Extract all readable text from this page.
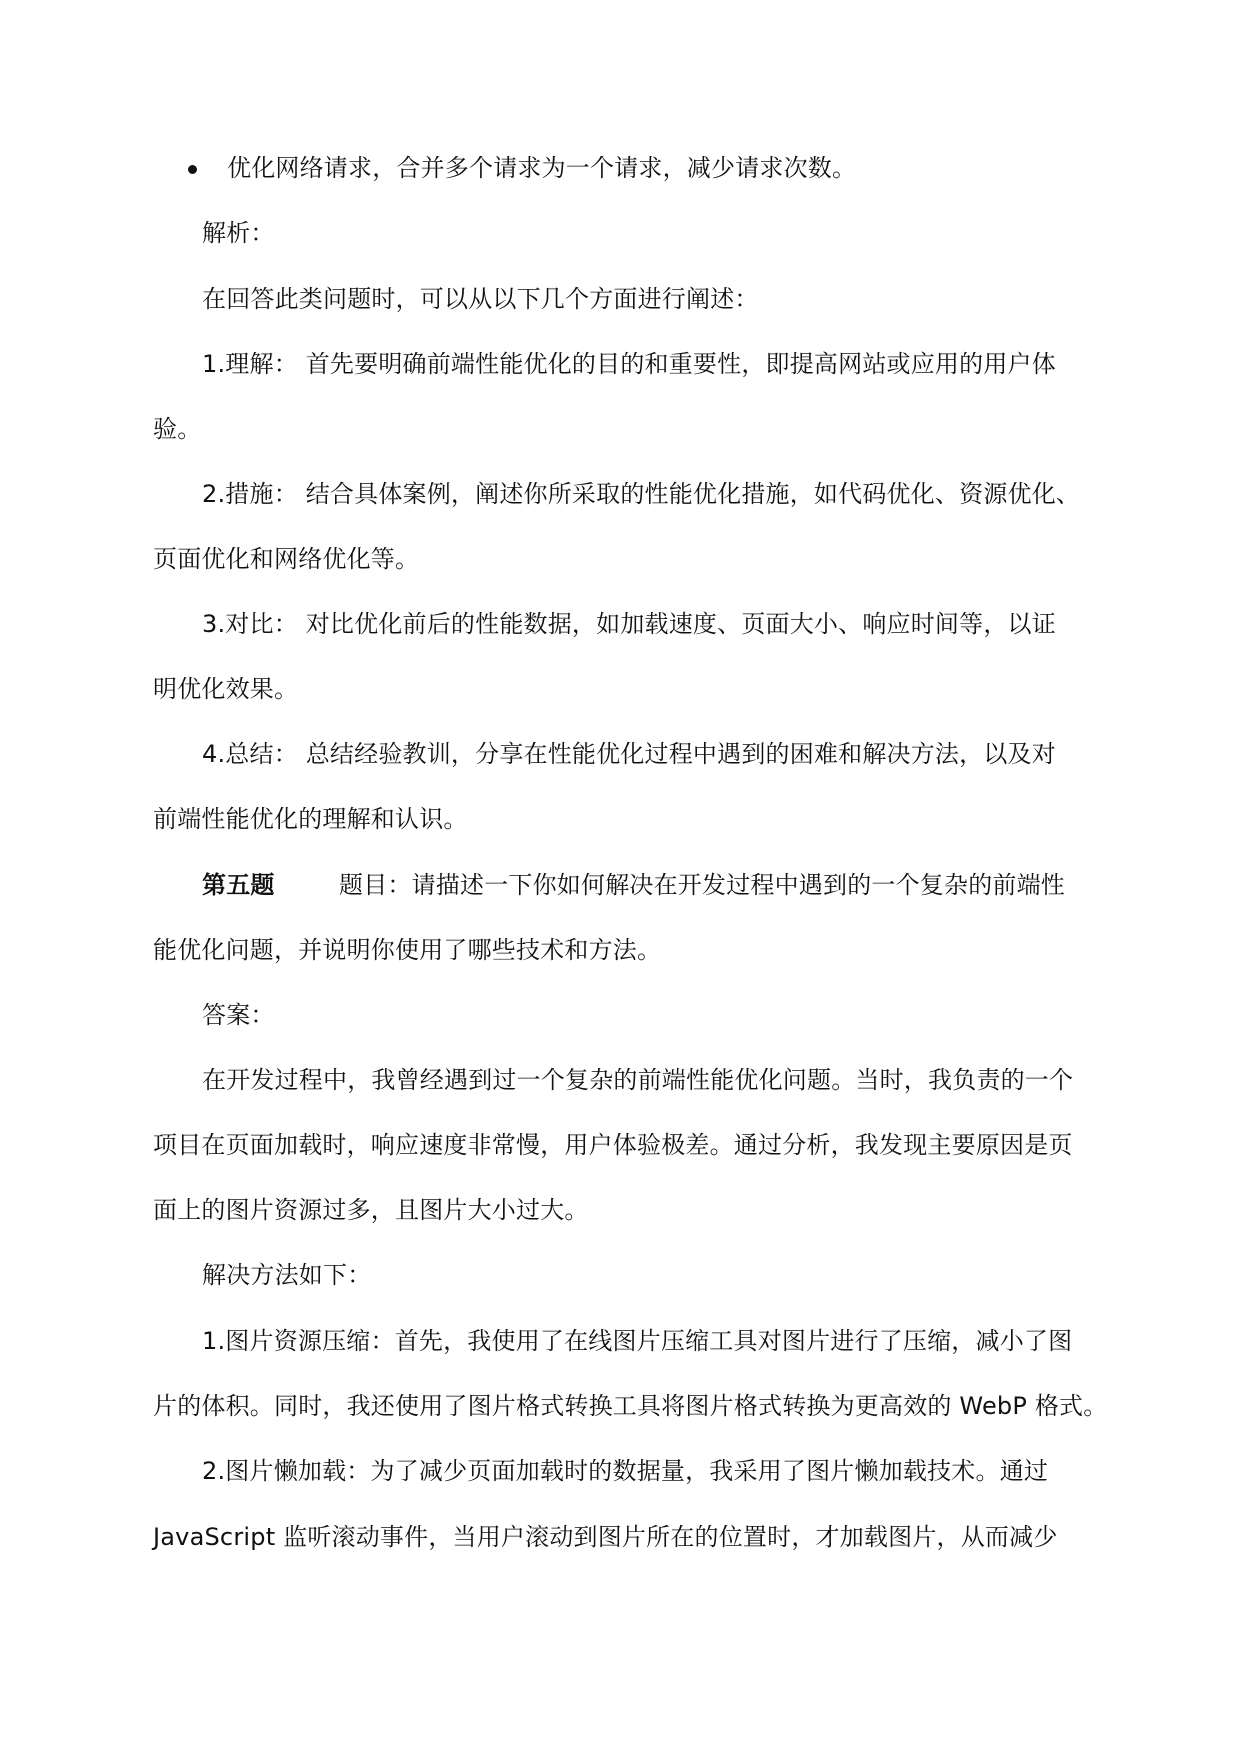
优化网络请求，合并多个请求为一个请求，减少请求次数。
解析：
在回答此类问题时，可以从以下几个方面进行阐述：
1.理解： 首先要明确前端性能优化的目的和重要性，即提高网站或应用的用户体
验。
2.措施： 结合具体案例，阐述你所采取的性能优化措施，如代码优化、资源优化、
页面优化和网络优化等。
3.对比： 对比优化前后的性能数据，如加载速度、页面大小、响应时间等，以证
明优化效果。
4.总结： 总结经验教训，分享在性能优化过程中遇到的困难和解决方法，以及对
前端性能优化的理解和认识。
第五题	题目：请描述一下你如何解决在开发过程中遇到的一个复杂的前端性
能优化问题，并说明你使用了哪些技术和方法。
答案：
在开发过程中，我曾经遇到过一个复杂的前端性能优化问题。当时，我负责的一个
项目在页面加载时，响应速度非常慢，用户体验极差。通过分析，我发现主要原因是页
面上的图片资源过多，且图片大小过大。
解决方法如下：
1.图片资源压缩：首先，我使用了在线图片压缩工具对图片进行了压缩，减小了图
片的体积。同时，我还使用了图片格式转换工具将图片格式转换为更高效的 WebP 格式。
2.图片懒加载：为了减少页面加载时的数据量，我采用了图片懒加载技术。通过
JavaScript 监听滚动事件，当用户滚动到图片所在的位置时，才加载图片，从而减少
